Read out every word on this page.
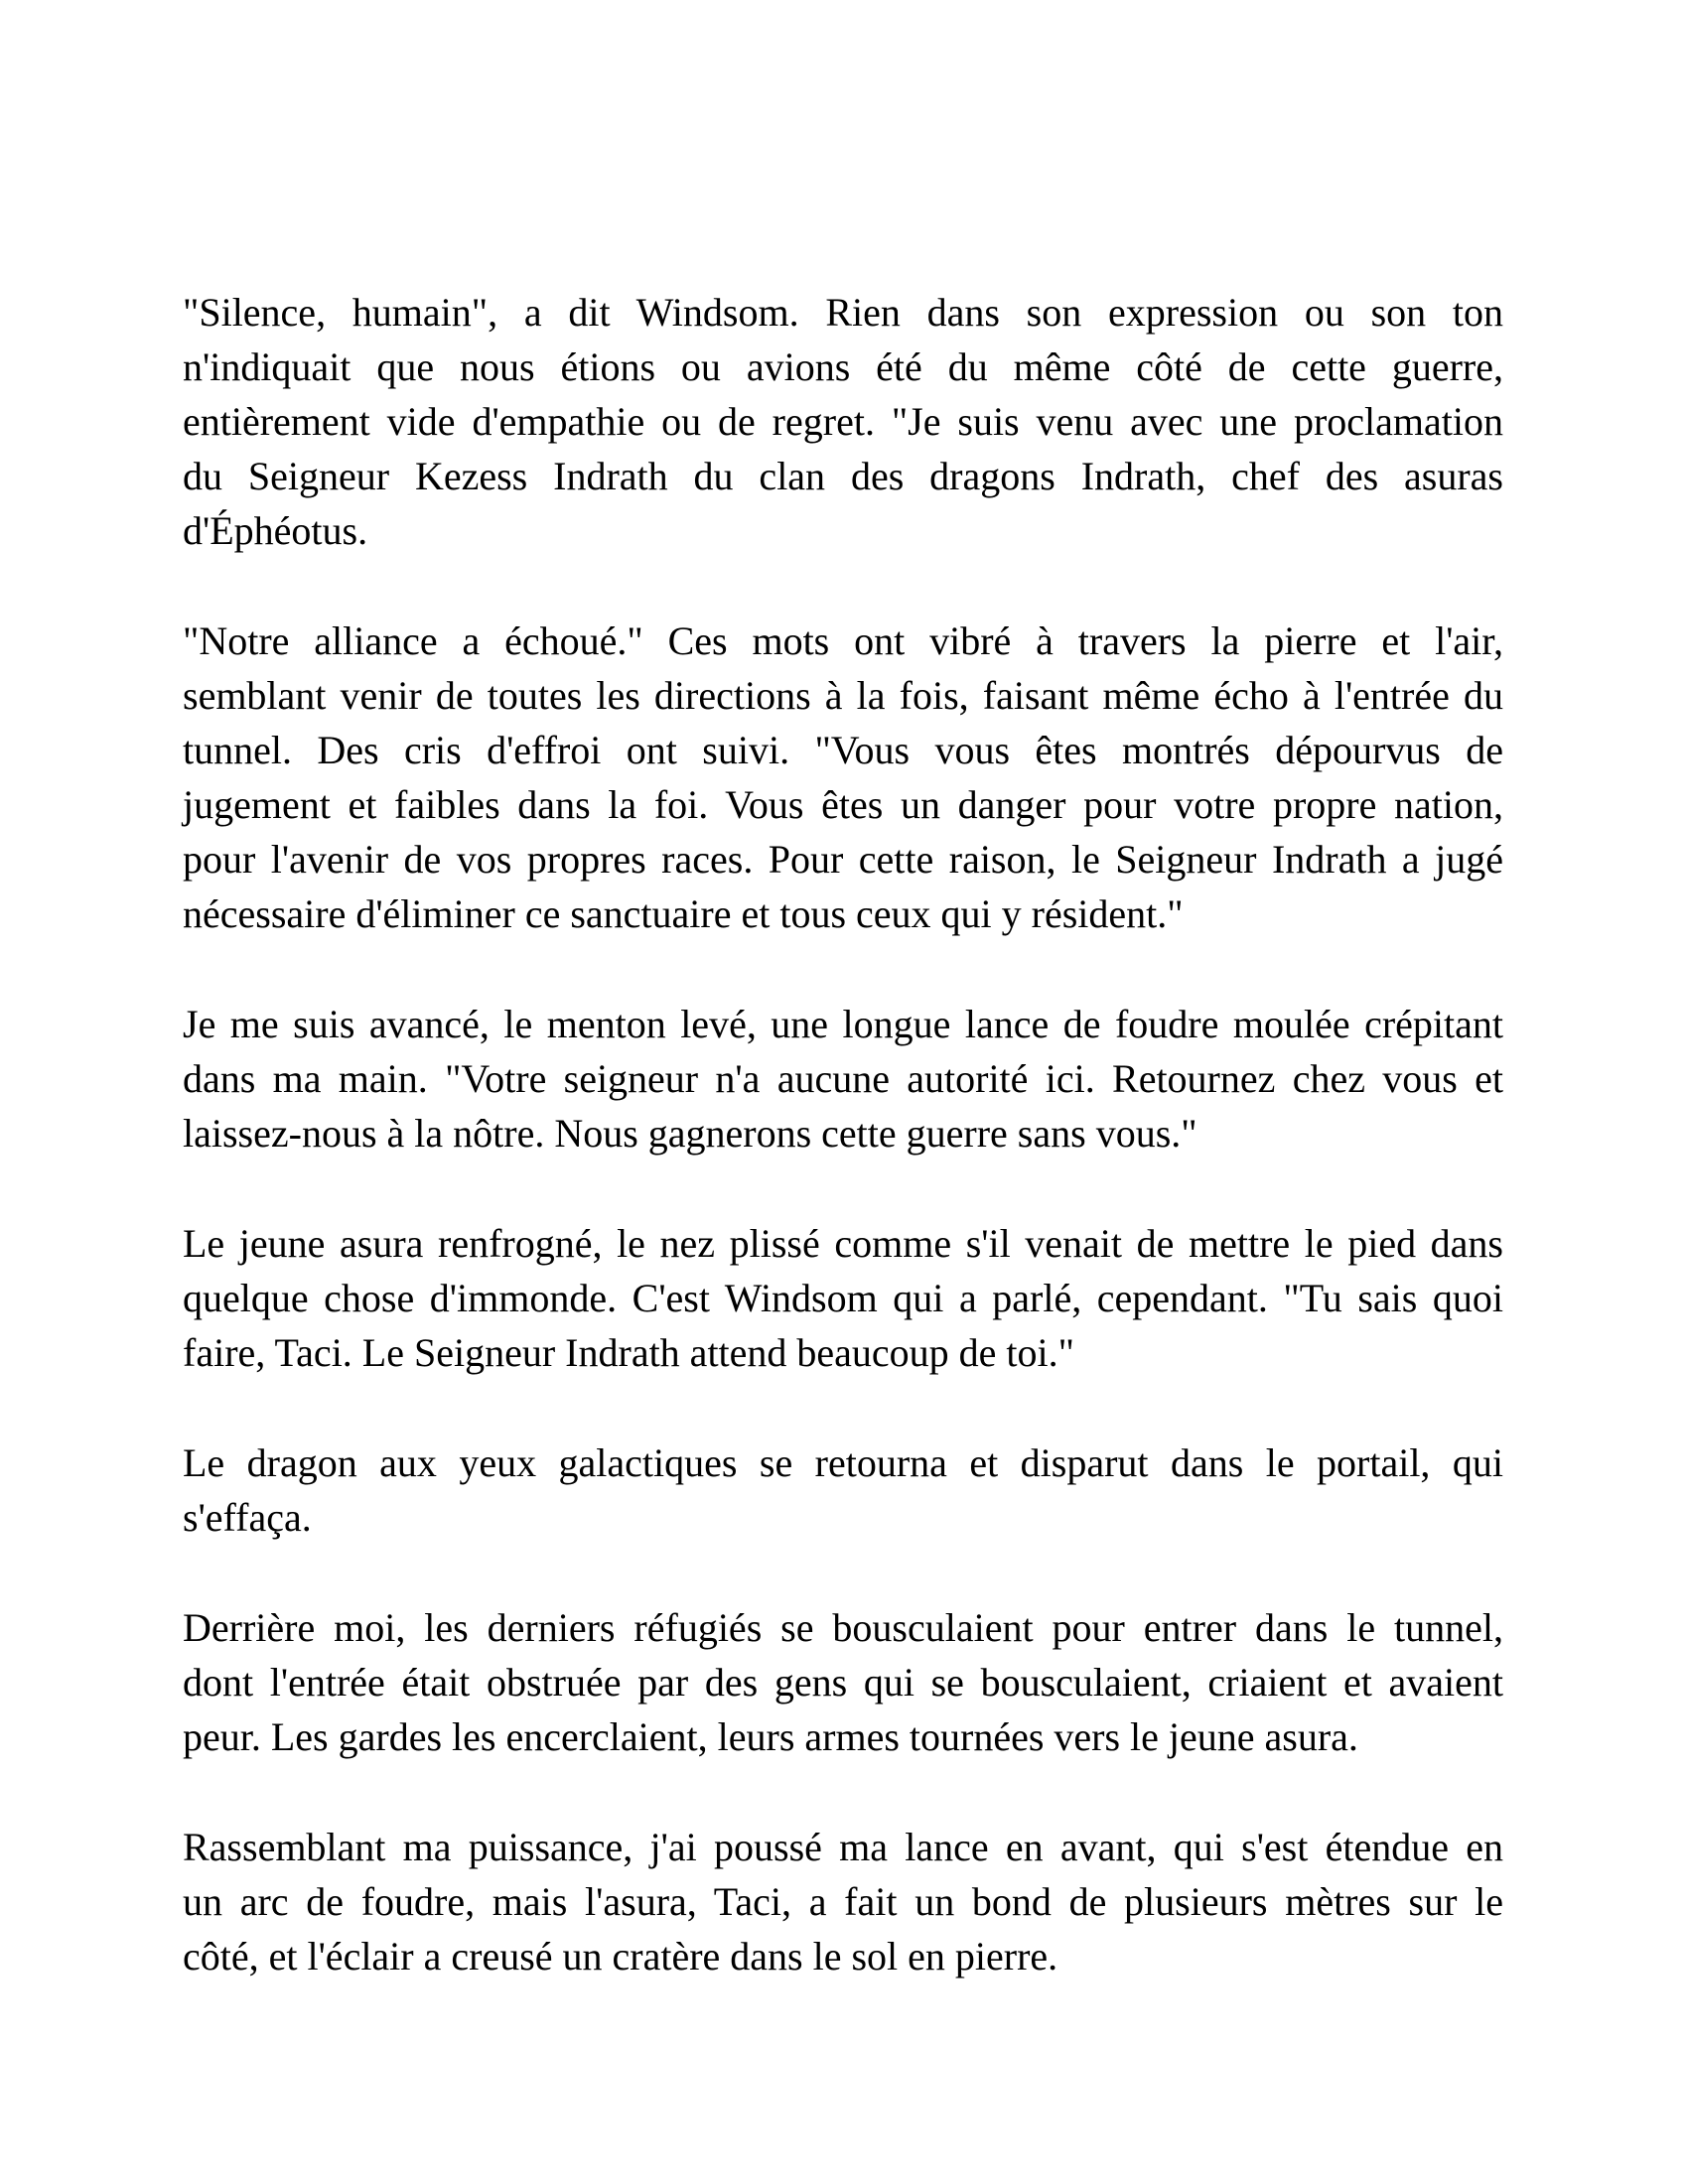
"Silence, humain", a dit Windsom. Rien dans son expression ou son ton
n'indiquait que nous étions ou avions été du même côté de cette guerre,
entièrement vide d'empathie ou de regret. "Je suis venu avec une proclamation
du Seigneur Kezess Indrath du clan des dragons Indrath, chef des asuras
d'Éphéotus.

"Notre alliance a échoué." Ces mots ont vibré à travers la pierre et l'air,
semblant venir de toutes les directions à la fois, faisant même écho à l'entrée du
tunnel. Des cris d'effroi ont suivi. "Vous vous êtes montrés dépourvus de
jugement et faibles dans la foi. Vous êtes un danger pour votre propre nation,
pour l'avenir de vos propres races. Pour cette raison, le Seigneur Indrath a jugé
nécessaire d'éliminer ce sanctuaire et tous ceux qui y résident."

Je me suis avancé, le menton levé, une longue lance de foudre moulée crépitant
dans ma main. "Votre seigneur n'a aucune autorité ici. Retournez chez vous et
laissez-nous à la nôtre. Nous gagnerons cette guerre sans vous."

Le jeune asura renfrogné, le nez plissé comme s'il venait de mettre le pied dans
quelque chose d'immonde. C'est Windsom qui a parlé, cependant. "Tu sais quoi
faire, Taci. Le Seigneur Indrath attend beaucoup de toi."

Le dragon aux yeux galactiques se retourna et disparut dans le portail, qui
s'effaça.

Derrière moi, les derniers réfugiés se bousculaient pour entrer dans le tunnel,
dont l'entrée était obstruée par des gens qui se bousculaient, criaient et avaient
peur. Les gardes les encerclaient, leurs armes tournées vers le jeune asura.

Rassemblant ma puissance, j'ai poussé ma lance en avant, qui s'est étendue en
un arc de foudre, mais l'asura, Taci, a fait un bond de plusieurs mètres sur le
côté, et l'éclair a creusé un cratère dans le sol en pierre.
